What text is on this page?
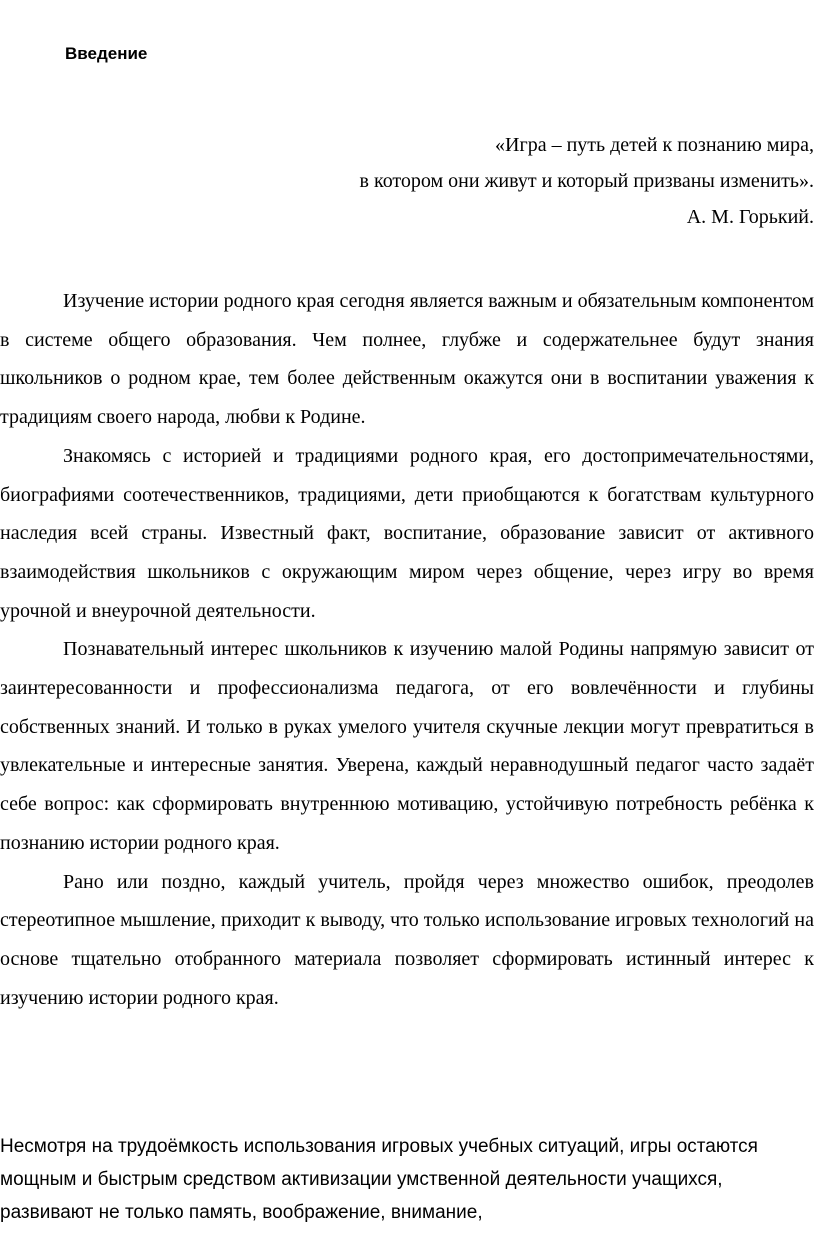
Введение
«Игра – путь детей к познанию мира,
в котором они живут и который призваны изменить».
А. М. Горький.

Изучение истории родного края сегодня является важным и обязательным компонентом в системе общего образования. Чем полнее, глубже и содержательнее будут знания школьников о родном крае, тем более действенным окажутся они в воспитании уважения к традициям своего народа, любви к Родине.

Знакомясь с историей и традициями родного края, его достопримечательностями, биографиями соотечественников, традициями, дети приобщаются к богатствам культурного наследия всей страны. Известный факт, воспитание, образование зависит от активного взаимодействия школьников с окружающим миром через общение, через игру во время урочной и внеурочной деятельности.

Познавательный интерес школьников к изучению малой Родины напрямую зависит от заинтересованности и профессионализма педагога, от его вовлечённости и глубины собственных знаний. И только в руках умелого учителя скучные лекции могут превратиться в увлекательные и интересные занятия. Уверена, каждый неравнодушный педагог часто задаёт себе вопрос: как сформировать внутреннюю мотивацию, устойчивую потребность ребёнка к познанию истории родного края.

Рано или поздно, каждый учитель, пройдя через множество ошибок, преодолев стереотипное мышление, приходит к выводу, что только использование игровых технологий на основе тщательно отобранного материала позволяет сформировать истинный интерес к изучению истории родного края.

Несмотря на трудоёмкость использования игровых учебных ситуаций, игры остаются мощным и быстрым средством активизации умственной деятельности учащихся, развивают не только память, воображение, внимание,
